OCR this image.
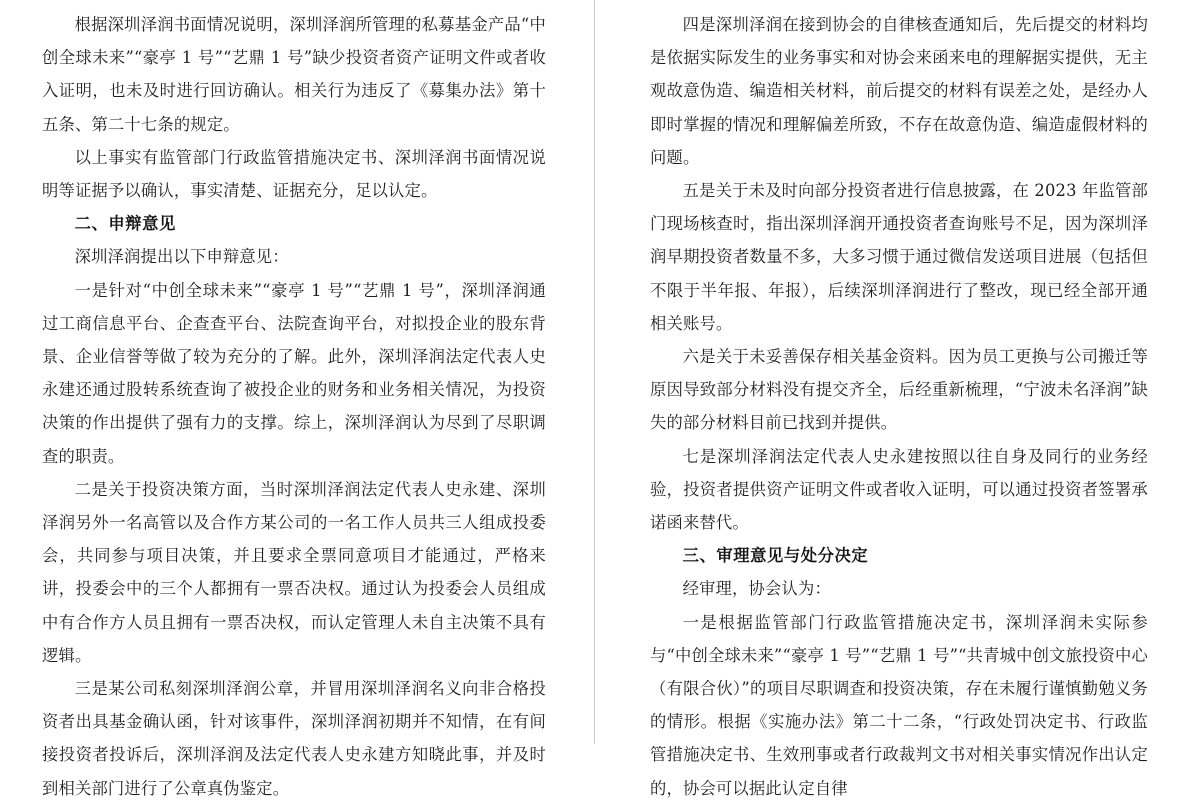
根据深圳泽润书面情况说明，深圳泽润所管理的私募基金产品“中创全球未来”“豪亭 1 号”“艺鼎 1 号”缺少投资者资产证明文件或者收入证明，也未及时进行回访确认。相关行为违反了《募集办法》第十五条、第二十七条的规定。

以上事实有监管部门行政监管措施决定书、深圳泽润书面情况说明等证据予以确认，事实清楚、证据充分，足以认定。

二、申辩意见

深圳泽润提出以下申辩意见：

一是针对“中创全球未来”“豪亭 1 号”“艺鼎 1 号”，深圳泽润通过工商信息平台、企查查平台、法院查询平台，对拟投企业的股东背景、企业信誉等做了较为充分的了解。此外，深圳泽润法定代表人史永建还通过股转系统查询了被投企业的财务和业务相关情况，为投资决策的作出提供了强有力的支撑。综上，深圳泽润认为尽到了尽职调查的职责。

二是关于投资决策方面，当时深圳泽润法定代表人史永建、深圳泽润另外一名高管以及合作方某公司的一名工作人员共三人组成投委会，共同参与项目决策，并且要求全票同意项目才能通过，严格来讲，投委会中的三个人都拥有一票否决权。通过认为投委会人员组成中有合作方人员且拥有一票否决权，而认定管理人未自主决策不具有逻辑。

三是某公司私刻深圳泽润公章，并冒用深圳泽润名义向非合格投资者出具基金确认函，针对该事件，深圳泽润初期并不知情，在有间接投资者投诉后，深圳泽润及法定代表人史永建方知晓此事，并及时到相关部门进行了公章真伪鉴定。

四是深圳泽润在接到协会的自律核查通知后，先后提交的材料均是依据实际发生的业务事实和对协会来函来电的理解据实提供，无主观故意伪造、编造相关材料，前后提交的材料有误差之处，是经办人即时掌握的情况和理解偏差所致，不存在故意伪造、编造虚假材料的问题。

五是关于未及时向部分投资者进行信息披露，在 2023 年监管部门现场核查时，指出深圳泽润开通投资者查询账号不足，因为深圳泽润早期投资者数量不多，大多习惯于通过微信发送项目进展（包括但不限于半年报、年报），后续深圳泽润进行了整改，现已经全部开通相关账号。

六是关于未妥善保存相关基金资料。因为员工更换与公司搬迁等原因导致部分材料没有提交齐全，后经重新梳理，“宁波未名泽润”缺失的部分材料目前已找到并提供。

七是深圳泽润法定代表人史永建按照以往自身及同行的业务经验，投资者提供资产证明文件或者收入证明，可以通过投资者签署承诺函来替代。

三、审理意见与处分决定

经审理，协会认为：

一是根据监管部门行政监管措施决定书，深圳泽润未实际参与“中创全球未来”“豪亭 1 号”“艺鼎 1 号”“共青城中创文旅投资中心（有限合伙）”的项目尽职调查和投资决策，存在未履行谨慎勤勉义务的情形。根据《实施办法》第二十二条，“行政处罚决定书、行政监管措施决定书、生效刑事或者行政裁判文书对相关事实情况作出认定的，协会可以据此认定自律
